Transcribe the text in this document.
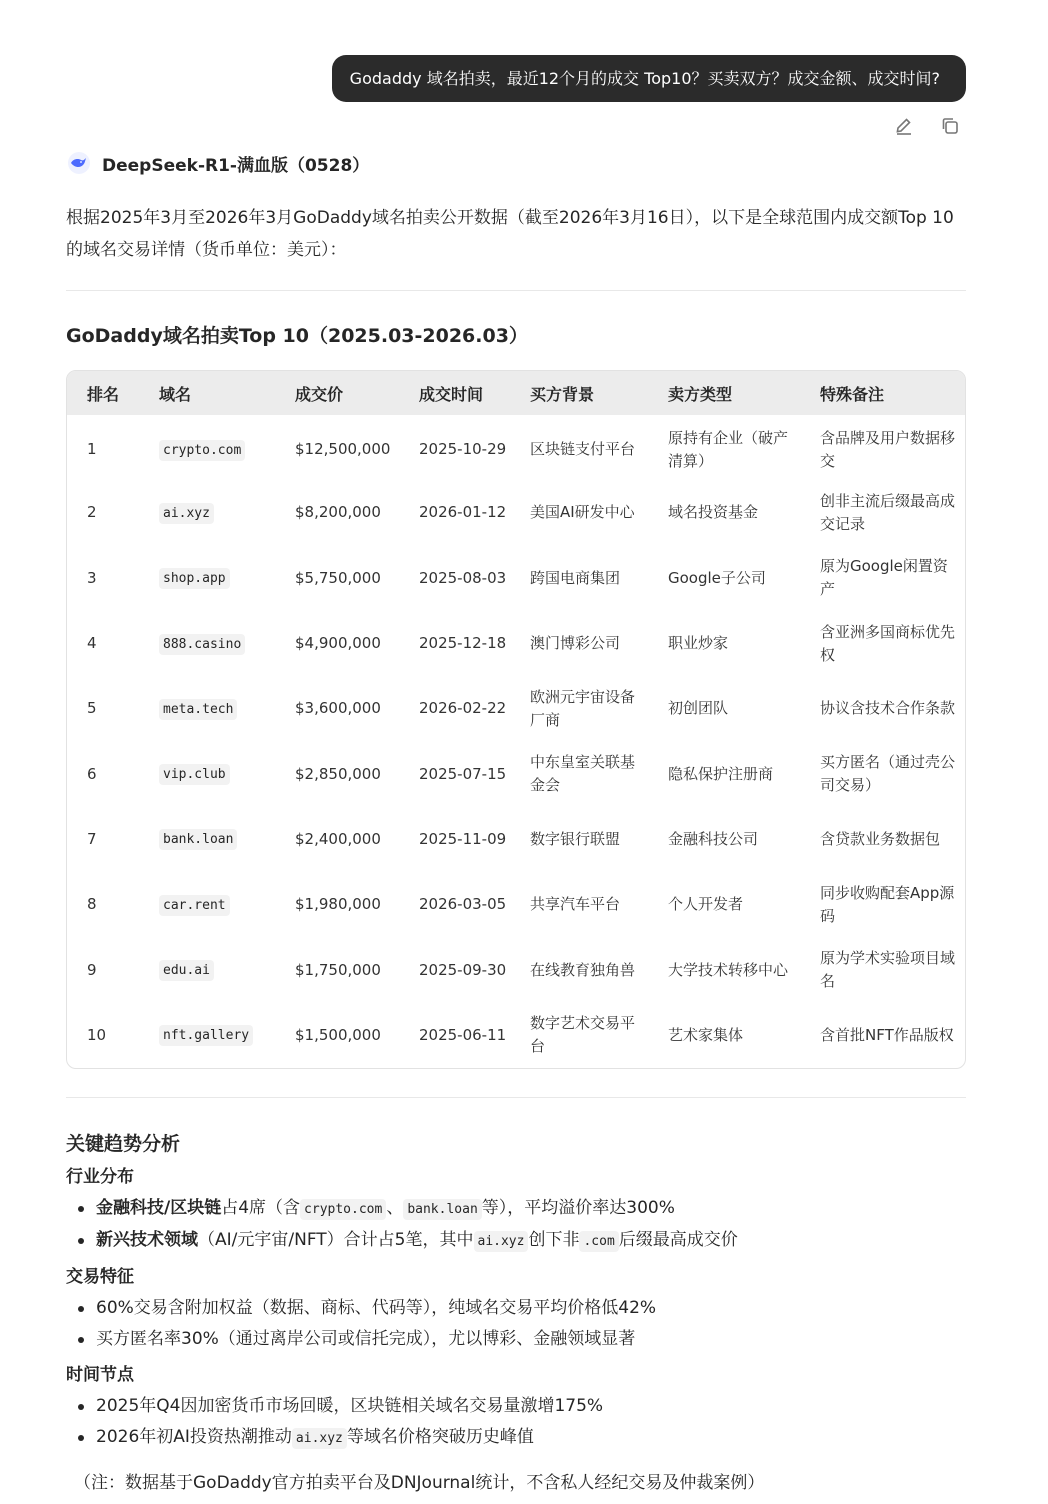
Godaddy 域名拍卖，最近12个月的成交 Top10？买卖双方？成交金额、成交时间?
DeepSeek-R1-满血版（0528）

根据2025年3月至2026年3月GoDaddy域名拍卖公开数据（截至2026年3月16日），以下是全球范围内成交额Top 10的域名交易详情（货币单位：美元）：

GoDaddy域名拍卖Top 10（2025.03-2026.03）
排名	域名	成交价	成交时间	买方背景	卖方类型	特殊备注
1	crypto.com	$12,500,000	2025-10-29	区块链支付平台	原持有企业（破产清算）	含品牌及用户数据移交
2	ai.xyz	$8,200,000	2026-01-12	美国AI研发中心	域名投资基金	创非主流后缀最高成交记录
3	shop.app	$5,750,000	2025-08-03	跨国电商集团	Google子公司	原为Google闲置资产
4	888.casino	$4,900,000	2025-12-18	澳门博彩公司	职业炒家	含亚洲多国商标优先权
5	meta.tech	$3,600,000	2026-02-22	欧洲元宇宙设备厂商	初创团队	协议含技术合作条款
6	vip.club	$2,850,000	2025-07-15	中东皇室关联基金会	隐私保护注册商	买方匿名（通过壳公司交易）
7	bank.loan	$2,400,000	2025-11-09	数字银行联盟	金融科技公司	含贷款业务数据包
8	car.rent	$1,980,000	2026-03-05	共享汽车平台	个人开发者	同步收购配套App源码
9	edu.ai	$1,750,000	2025-09-30	在线教育独角兽	大学技术转移中心	原为学术实验项目域名
10	nft.gallery	$1,500,000	2025-06-11	数字艺术交易平台	艺术家集体	含首批NFT作品版权
关键趋势分析
行业分布
金融科技/区块链占4席（含 crypto.com 、 bank.loan 等），平均溢价率达300%
新兴技术领域（AI/元宇宙/NFT）合计占5笔，其中 ai.xyz 创下非 .com 后缀最高成交价
交易特征
60%交易含附加权益（数据、商标、代码等），纯域名交易平均价格低42%
买方匿名率30%（通过离岸公司或信托完成），尤以博彩、金融领域显著
时间节点
2025年Q4因加密货币市场回暖，区块链相关域名交易量激增175%
2026年初AI投资热潮推动 ai.xyz 等域名价格突破历史峰值

（注：数据基于GoDaddy官方拍卖平台及DNJournal统计，不含私人经纪交易及仲裁案例）
